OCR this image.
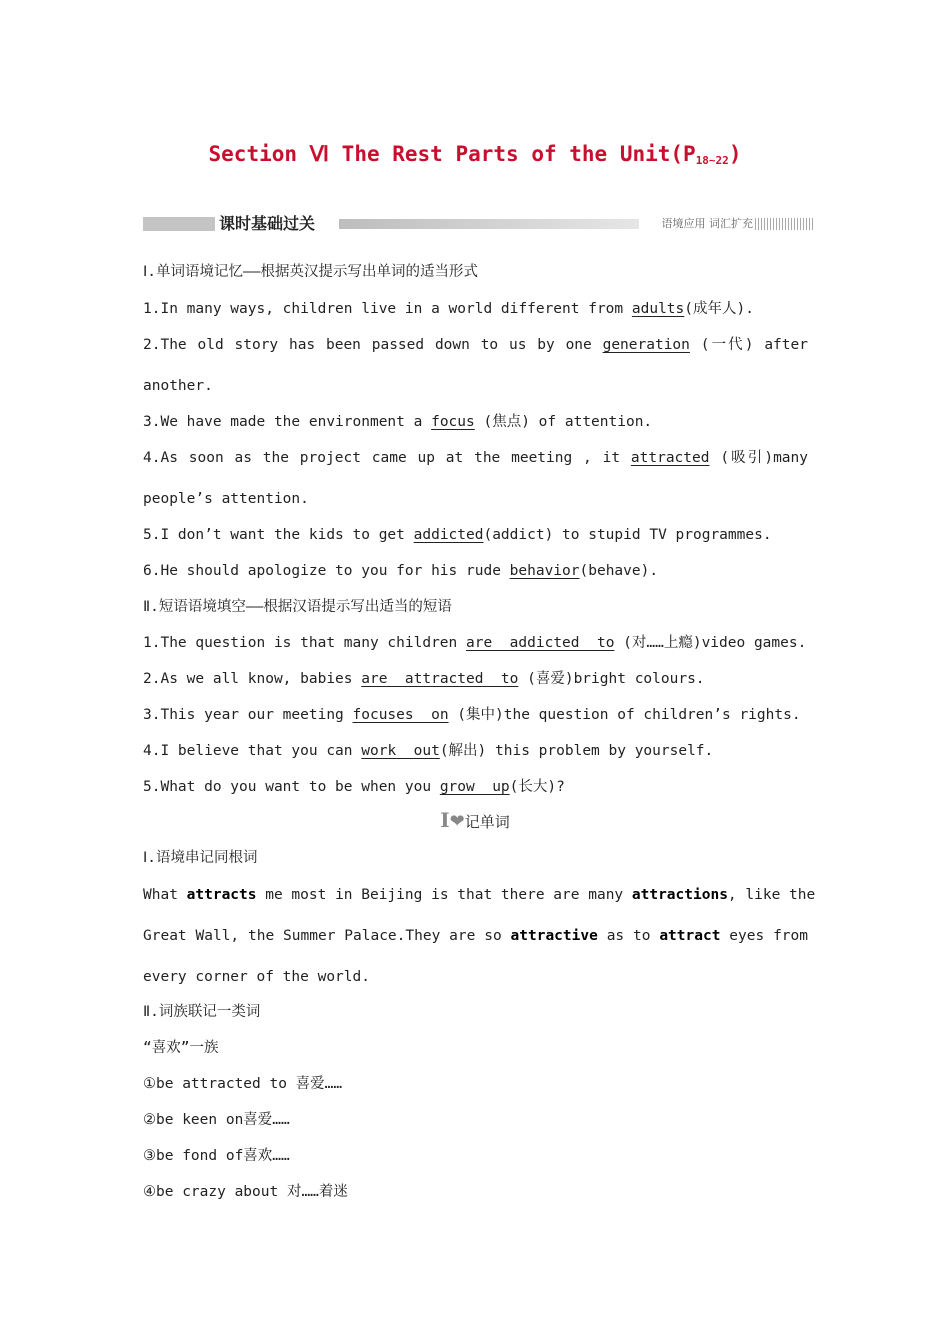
Section Ⅵ The Rest Parts of the $Unit(P_{18\sim 22})$
课时基础过关	语境应用 词汇扩充
Ⅰ.单词语境记忆——根据英汉提示写出单词的适当形式
1.In many ways, children live in a world different from adults(成年人).
2.The old story has been passed down to us by one generation (一代) after
another.
3.We have made the environment a focus (焦点) of attention.
4.As soon as the project came up at the meeting , it attracted (吸引)many
people’s attention.
5.I don’t want the kids to get addicted(addict) to stupid TV programmes.
6.He should apologize to you for his rude behavior(behave).
Ⅱ.短语语境填空——根据汉语提示写出适当的短语
1.The question is that many children are  addicted  to (对……上瘾)video games.
2.As we all know, babies are  attracted  to (喜爱)bright colours.
3.This year our meeting focuses  on (集中)the question of children’s rights.
4.I believe that you can work  out(解出) this problem by yourself.
5.What do you want to be when you grow  up(长大)?
I❤记单词
Ⅰ.语境串记同根词
What attracts me most in Beijing is that there are many attractions, like the
Great Wall, the Summer Palace.They are so attractive as to attract eyes from
every corner of the world.
Ⅱ.词族联记一类词
“喜欢”一族
①be attracted to 喜爱……
②be keen on喜爱……
③be fond of喜欢……
④be crazy about 对……着迷
